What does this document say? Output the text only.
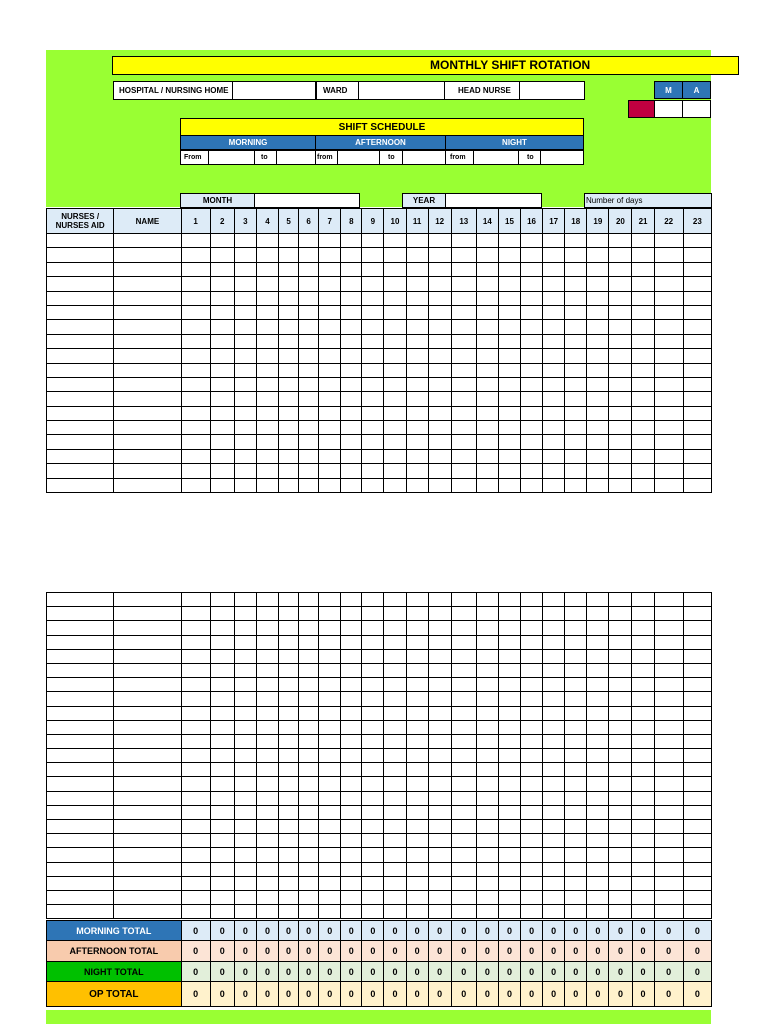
MONTHLY SHIFT ROTATION
HOSPITAL / NURSING HOME	WARD	HEAD NURSE	M	A
SHIFT SCHEDULE
MORNING	AFTERNOON	NIGHT
From	to	from	to	from	to
MONTH	YEAR	Number of days
NURSES / NURSES AID	NAME	1	2	3	4	5	6	7	8	9	10	11	12	13	14	15	16	17	18	19	20	21	22	23

MORNING TOTAL	0	0	0	0	0	0	0	0	0	0	0	0	0	0	0	0	0	0	0	0	0	0	0
AFTERNOON TOTAL	0	0	0	0	0	0	0	0	0	0	0	0	0	0	0	0	0	0	0	0	0	0	0
NIGHT TOTAL	0	0	0	0	0	0	0	0	0	0	0	0	0	0	0	0	0	0	0	0	0	0	0
OP TOTAL	0	0	0	0	0	0	0	0	0	0	0	0	0	0	0	0	0	0	0	0	0	0	0
